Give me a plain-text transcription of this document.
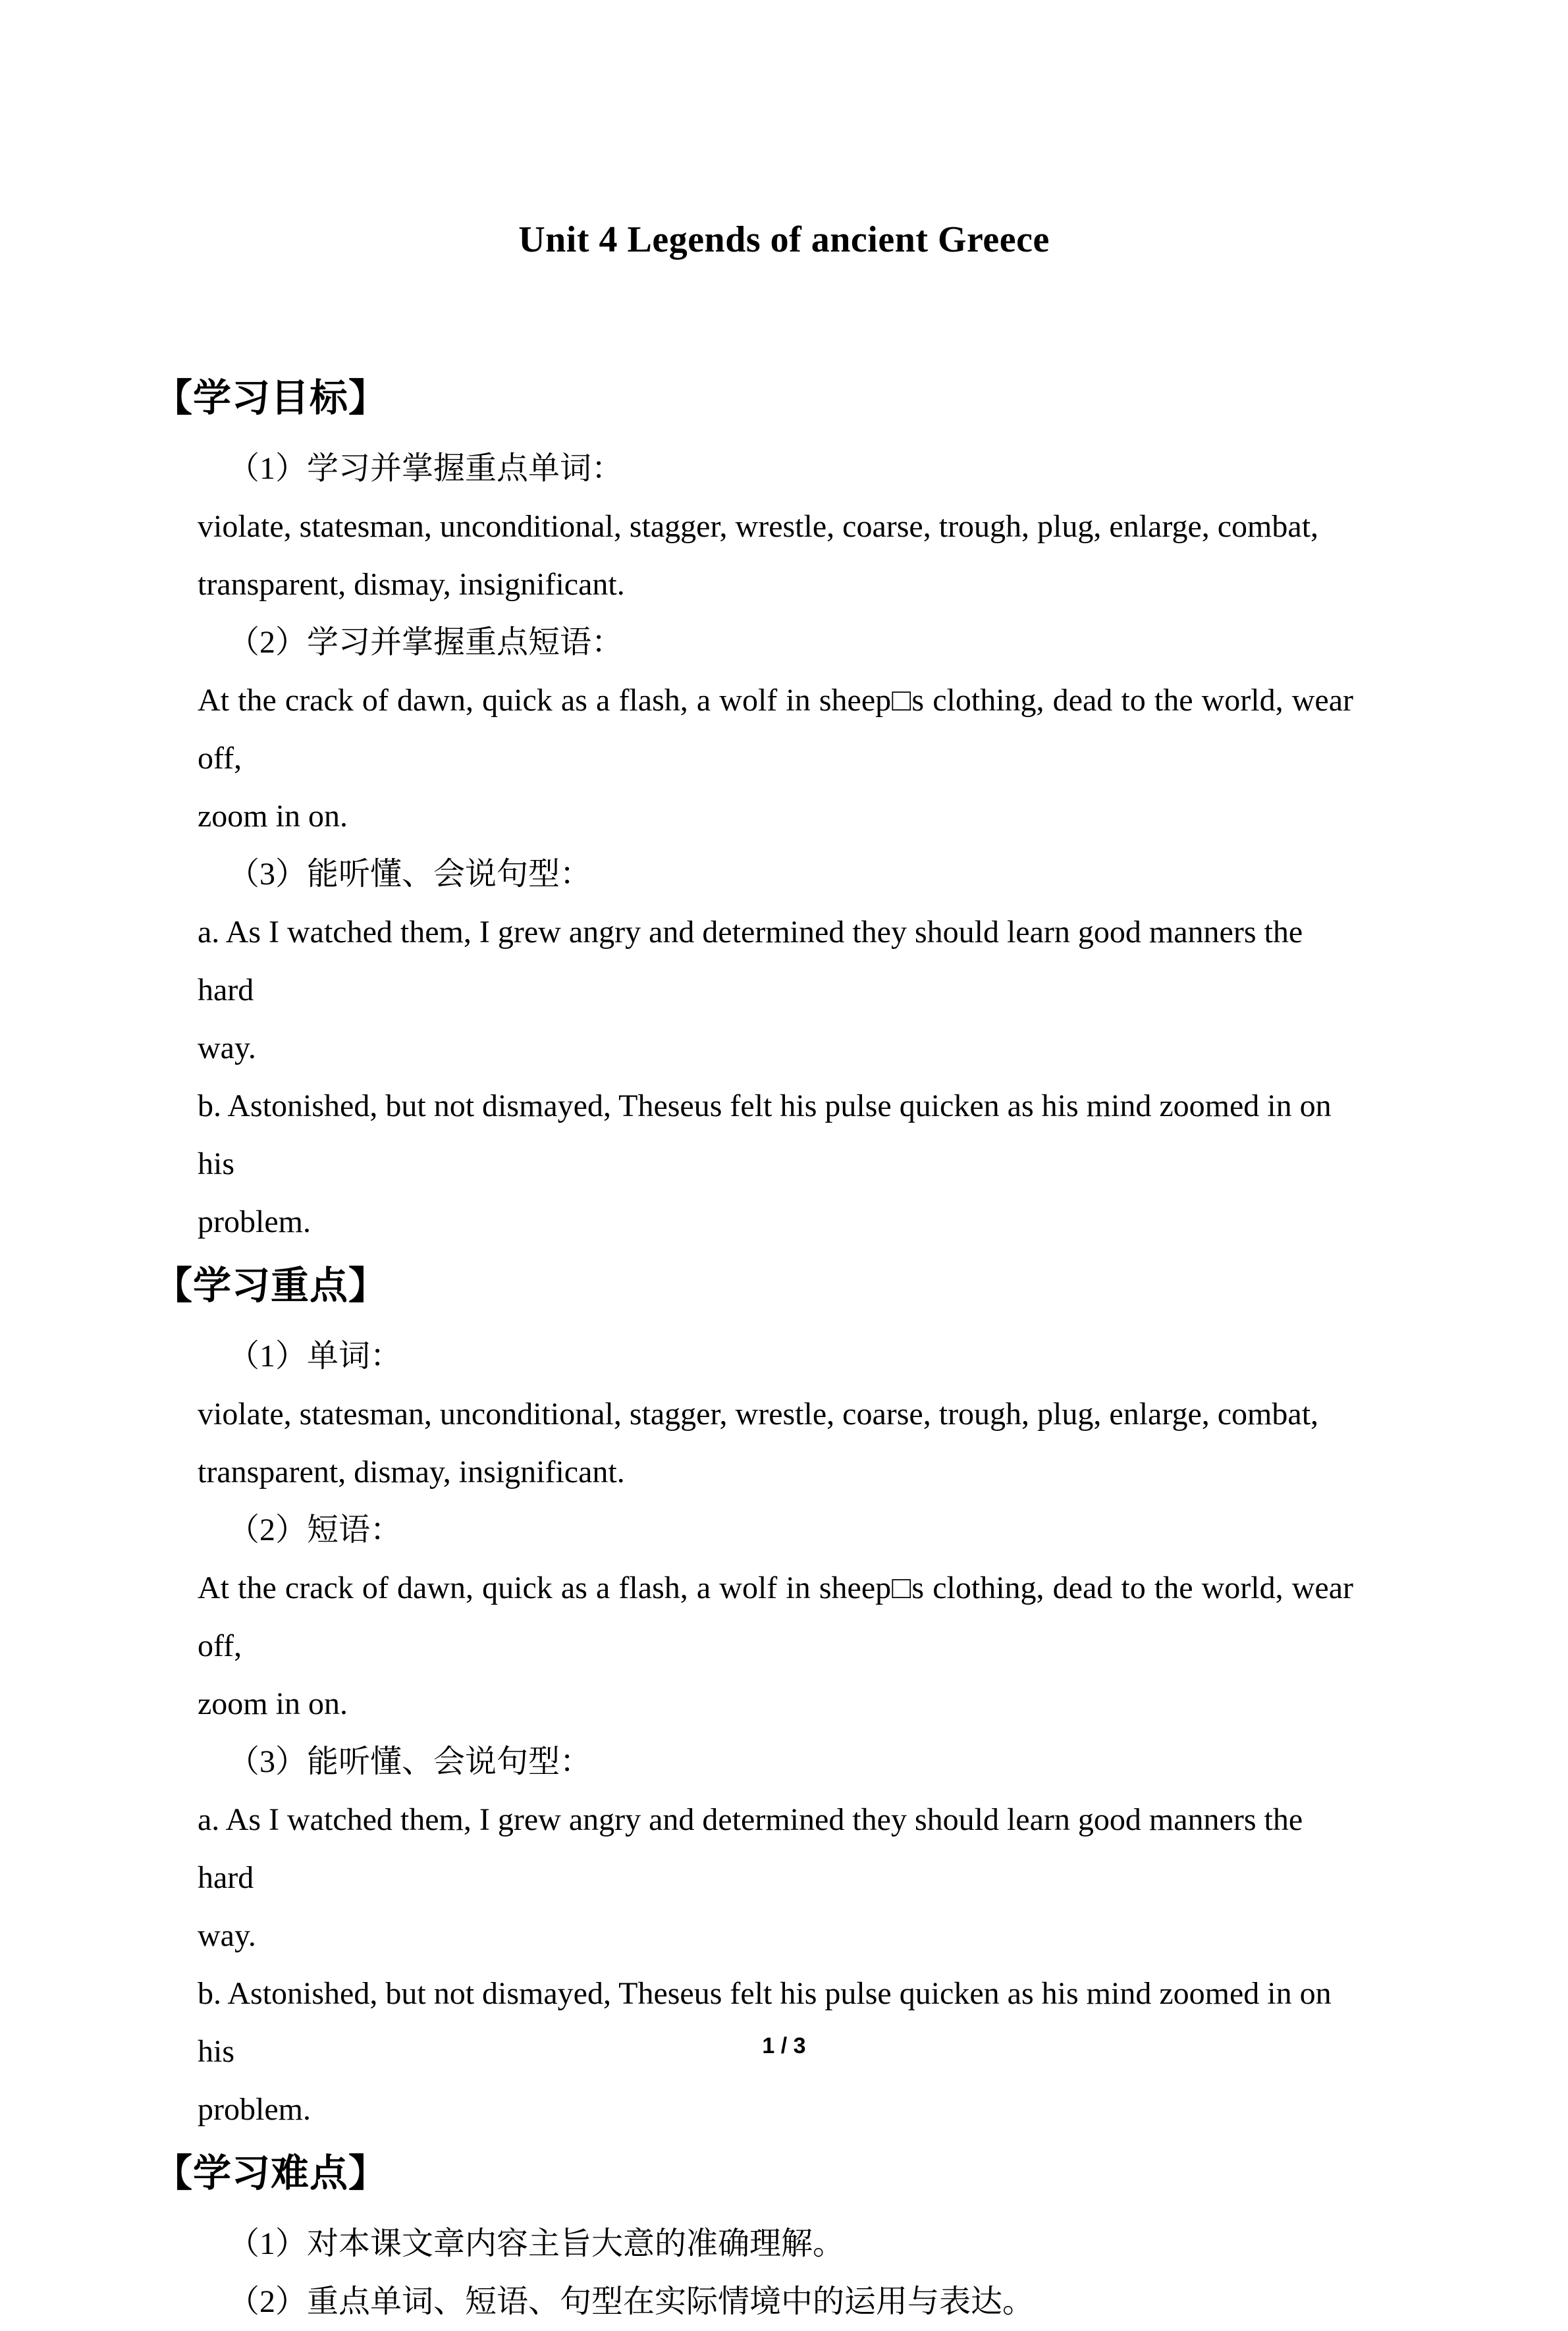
Unit 4 Legends of ancient Greece
【学习目标】
（1）学习并掌握重点单词：
violate, statesman, unconditional, stagger, wrestle, coarse, trough, plug, enlarge, combat,
transparent, dismay, insignificant.
（2）学习并掌握重点短语：
At the crack of dawn, quick as a flash, a wolf in sheep□s clothing, dead to the world, wear off,
zoom in on.
（3）能听懂、会说句型：
a. As I watched them, I grew angry and determined they should learn good manners the hard
way.
b. Astonished, but not dismayed, Theseus felt his pulse quicken as his mind zoomed in on his
problem.
【学习重点】
（1）单词：
violate, statesman, unconditional, stagger, wrestle, coarse, trough, plug, enlarge, combat,
transparent, dismay, insignificant.
（2）短语：
At the crack of dawn, quick as a flash, a wolf in sheep□s clothing, dead to the world, wear off,
zoom in on.
（3）能听懂、会说句型：
a. As I watched them, I grew angry and determined they should learn good manners the hard
way.
b. Astonished, but not dismayed, Theseus felt his pulse quicken as his mind zoomed in on his
problem.
【学习难点】
（1）对本课文章内容主旨大意的准确理解。
（2）重点单词、短语、句型在实际情境中的运用与表达。
1 / 3
